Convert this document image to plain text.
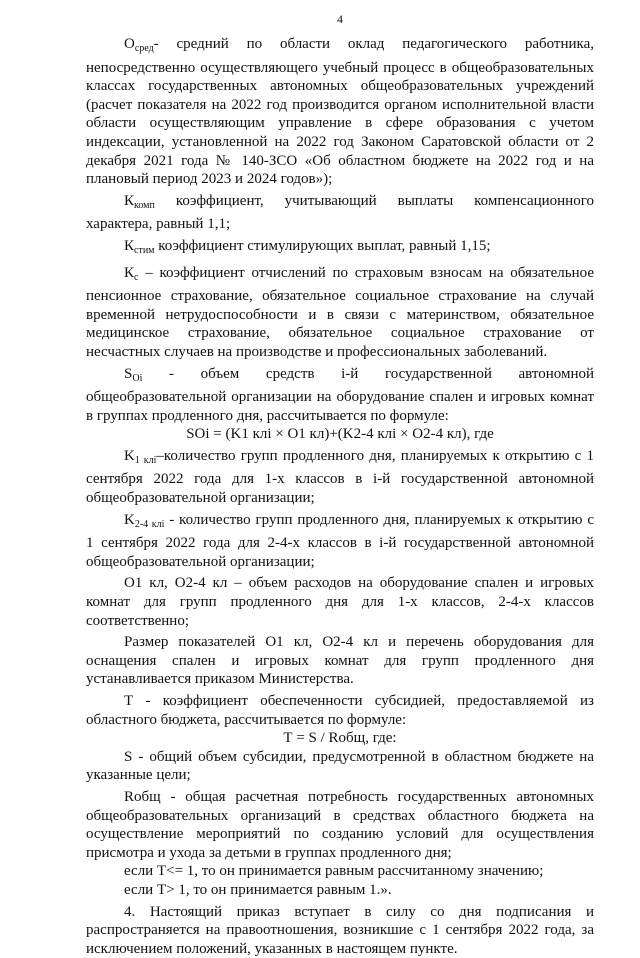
4

$О_{сред}-$ средний по области оклад педагогического работника, непосредственно осуществляющего учебный процесс в общеобразовательных классах государственных автономных общеобразовательных учреждений (расчет показателя на 2022 год производится органом исполнительной власти области осуществляющим управление в сфере образования с учетом индексации, установленной на 2022 год Законом Саратовской области от 2 декабря 2021 года № 140-ЗСО «Об областном бюджете на 2022 год и на плановый период 2023 и 2024 годов»);

$К_{комп}$ коэффициент, учитывающий выплаты компенсационного характера, равный 1,1;

$К_{стим}$ коэффициент стимулирующих выплат, равный 1,15;

$К_с$ – коэффициент отчислений по страховым взносам на обязательное пенсионное страхование, обязательное социальное страхование на случай временной нетрудоспособности и в связи с материнством, обязательное медицинское страхование, обязательное социальное страхование от несчастных случаев на производстве и профессиональных заболеваний.

$S_{Oi}$ - объем средств i-й государственной автономной общеобразовательной организации на оборудование спален и игровых комнат в группах продленного дня, рассчитывается по формуле:

SОi = (K1 клi × O1 кл)+(K2-4 клi × O2-4 кл), где

$K_{1 клi}$–количество групп продленного дня, планируемых к открытию с 1 сентября 2022 года для 1-х классов в i-й государственной автономной общеобразовательной организации;

$K_{2-4 клi}$ - количество групп продленного дня, планируемых к открытию с 1 сентября 2022 года для 2-4-х классов в i-й государственной автономной общеобразовательной организации;

O1 кл, O2-4 кл – объем расходов на оборудование спален и игровых комнат для групп продленного дня для 1-х классов, 2-4-х классов соответственно;

Размер показателей O1 кл, O2-4 кл и перечень оборудования для оснащения спален и игровых комнат для групп продленного дня устанавливается приказом Министерства.

Т - коэффициент обеспеченности субсидией, предоставляемой из областного бюджета, рассчитывается по формуле:

Т = S / Rобщ, где:

S - общий объем субсидии, предусмотренной в областном бюджете на указанные цели;

Rобщ - общая расчетная потребность государственных автономных общеобразовательных организаций в средствах областного бюджета на осуществление мероприятий по созданию условий для осуществления присмотра и ухода за детьми в группах продленного дня;

если Т<= 1, то он принимается равным рассчитанному значению;

если Т> 1, то он принимается равным 1.».

4. Настоящий приказ вступает в силу со дня подписания и распространяется на правоотношения, возникшие с 1 сентября 2022 года, за исключением положений, указанных в настоящем пункте.
